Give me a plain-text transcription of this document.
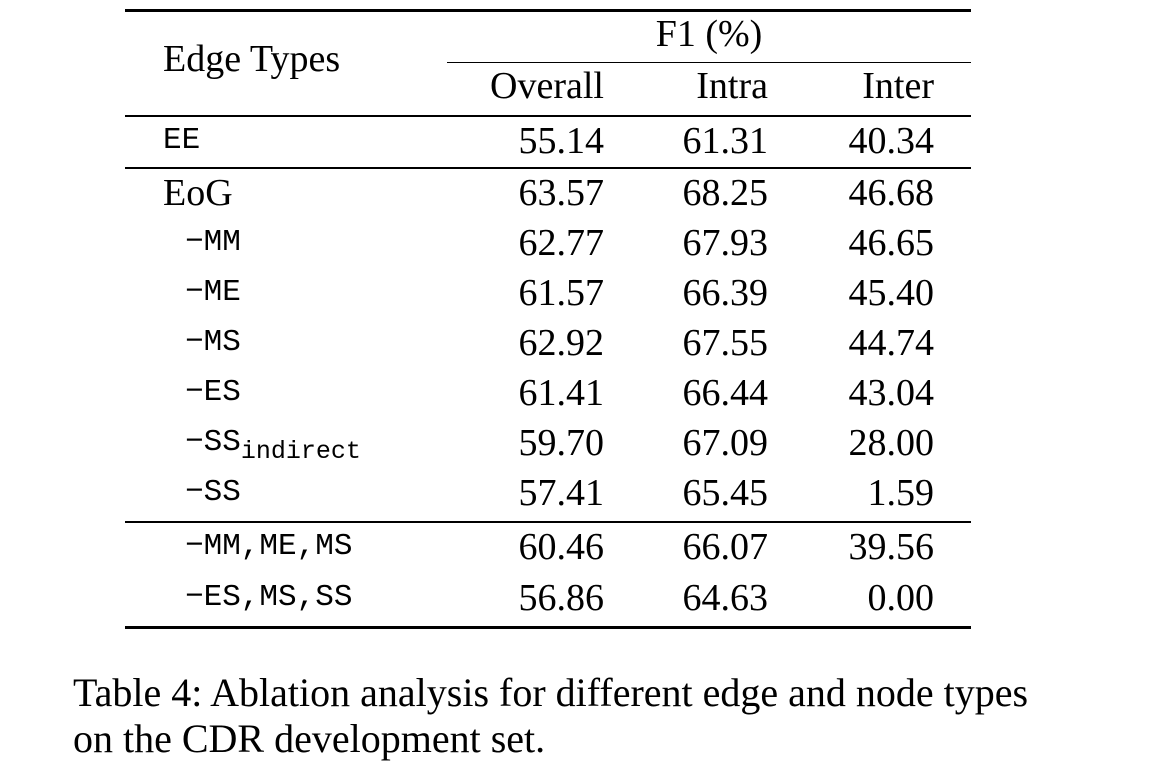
Edge Types
F1 (%)
Overall	Intra	Inter
EE	55.14	61.31	40.34
EoG	63.57	68.25	46.68
−MM	62.77	67.93	46.65
−ME	61.57	66.39	45.40
−MS	62.92	67.55	44.74
−ES	61.41	66.44	43.04
$-SS_{indirect}$	59.70	67.09	28.00
−SS	57.41	65.45	1.59
−MM,ME,MS	60.46	66.07	39.56
−ES,MS,SS	56.86	64.63	0.00
Table 4: Ablation analysis for different edge and node types on the CDR development set.
